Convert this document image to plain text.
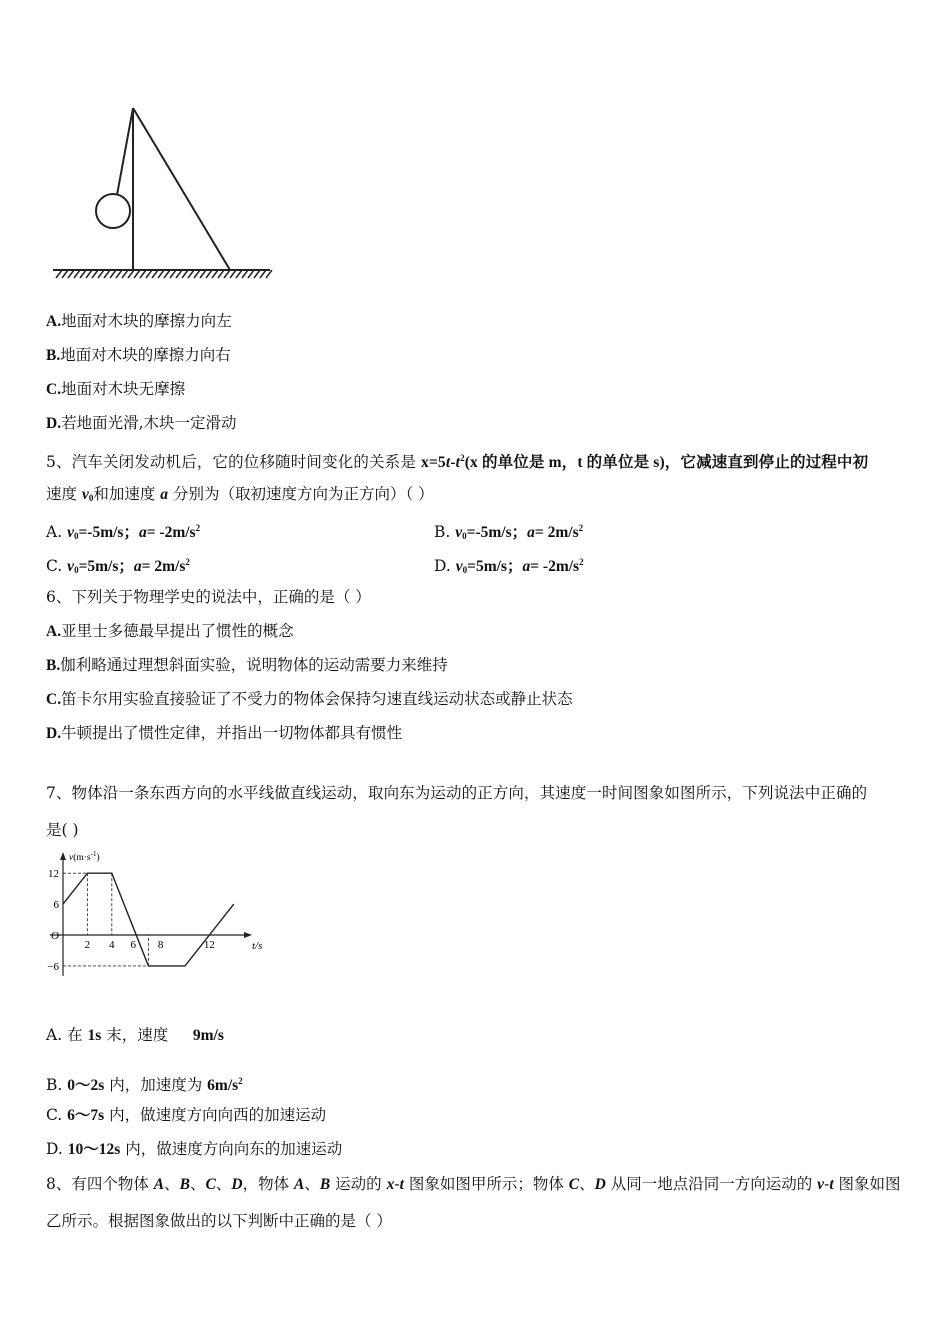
A.地面对木块的摩擦力向左
B.地面对木块的摩擦力向右
C.地面对木块无摩擦
D.若地面光滑,木块一定滑动
5、汽车关闭发动机后，它的位移随时间变化的关系是 $x=5t-t^2(x$ 的单位是 m，t 的单位是 s)，它减速直到停止的过程中初
速度 $v_0$和加速度 a 分别为（取初速度方向为正方向）（ ）
A. $v_0=-5m/s$；$a= -2m/s^2$	B. $v_0=-5m/s$；$a= 2m/s^2$
C. $v_0=5m/s$；$a= 2m/s^2$	D. $v_0=5m/s$；$a= -2m/s^2$
6、下列关于物理学史的说法中，正确的是（ ）
A.亚里士多德最早提出了惯性的概念
B.伽利略通过理想斜面实验，说明物体的运动需要力来维持
C.笛卡尔用实验直接验证了不受力的物体会保持匀速直线运动状态或静止状态
D.牛顿提出了惯性定律，并指出一切物体都具有惯性
7、物体沿一条东西方向的水平线做直线运动，取向东为运动的正方向，其速度一时间图象如图所示，下列说法中正确的
是( )
2 4 6 8	12
12
6
−6
O
t/s
$v(m\cdot s^{-1})$
A. 在 1s 末，速度     9m/s
B. 0～2s 内，加速度为 $6m/s^2$
C. 6～7s 内，做速度方向向西的加速运动
D. 10～12s 内，做速度方向向东的加速运动
8、有四个物体 A、B、C、D，物体 A、B 运动的 x-t 图象如图甲所示；物体 C、D 从同一地点沿同一方向运动的 v-t 图象如图
乙所示。根据图象做出的以下判断中正确的是（ ）
